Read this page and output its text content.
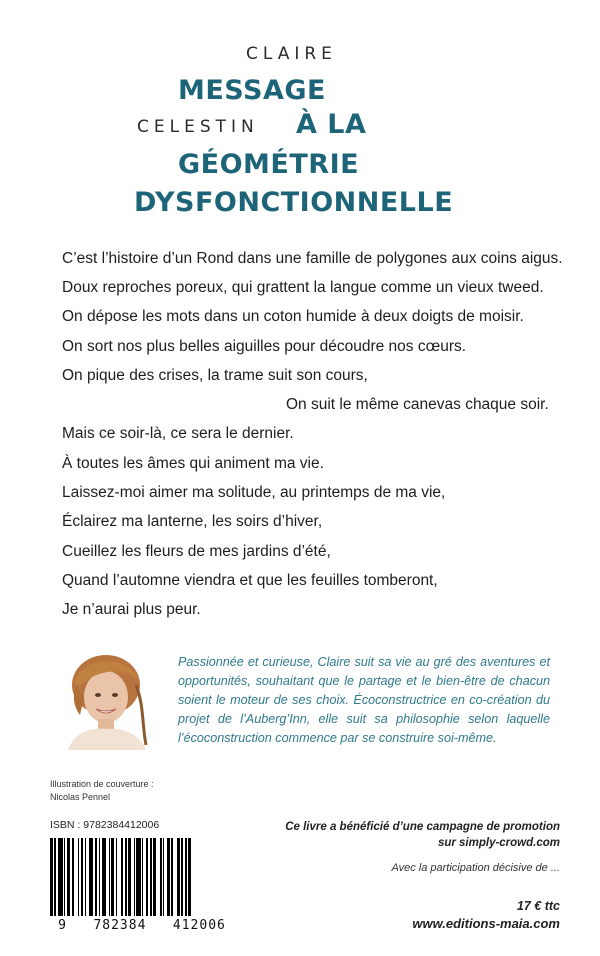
CLAIRE
MESSAGE
CELESTIN À LA
GÉOMÉTRIE
DYSFONCTIONNELLE
C’est l’histoire d’un Rond dans une famille de polygones aux coins aigus.
Doux reproches poreux, qui grattent la langue comme un vieux tweed.
On dépose les mots dans un coton humide à deux doigts de moisir.
On sort nos plus belles aiguilles pour découdre nos cœurs.
On pique des crises, la trame suit son cours,
On suit le même canevas chaque soir.
Mais ce soir-là, ce sera le dernier.
À toutes les âmes qui animent ma vie.
Laissez-moi aimer ma solitude, au printemps de ma vie,
Éclairez ma lanterne, les soirs d’hiver,
Cueillez les fleurs de mes jardins d’été,
Quand l’automne viendra et que les feuilles tomberont,
Je n’aurai plus peur.
Passionnée et curieuse, Claire suit sa vie au gré des aventures et opportunités, souhaitant que le partage et le bien-être de chacun soient le moteur de ses choix. Écoconstructrice en co-création du projet de l’Auberg’Inn, elle suit sa philosophie selon laquelle l’écoconstruction commence par se construire soi-même.
Illustration de couverture :
Nicolas Pennel
ISBN : 9782384412006
9   782384   412006
Ce livre a bénéficié d’une campagne de promotion
sur simply-crowd.com
Avec la participation décisive de ...
17 € ttc
www.editions-maia.com
